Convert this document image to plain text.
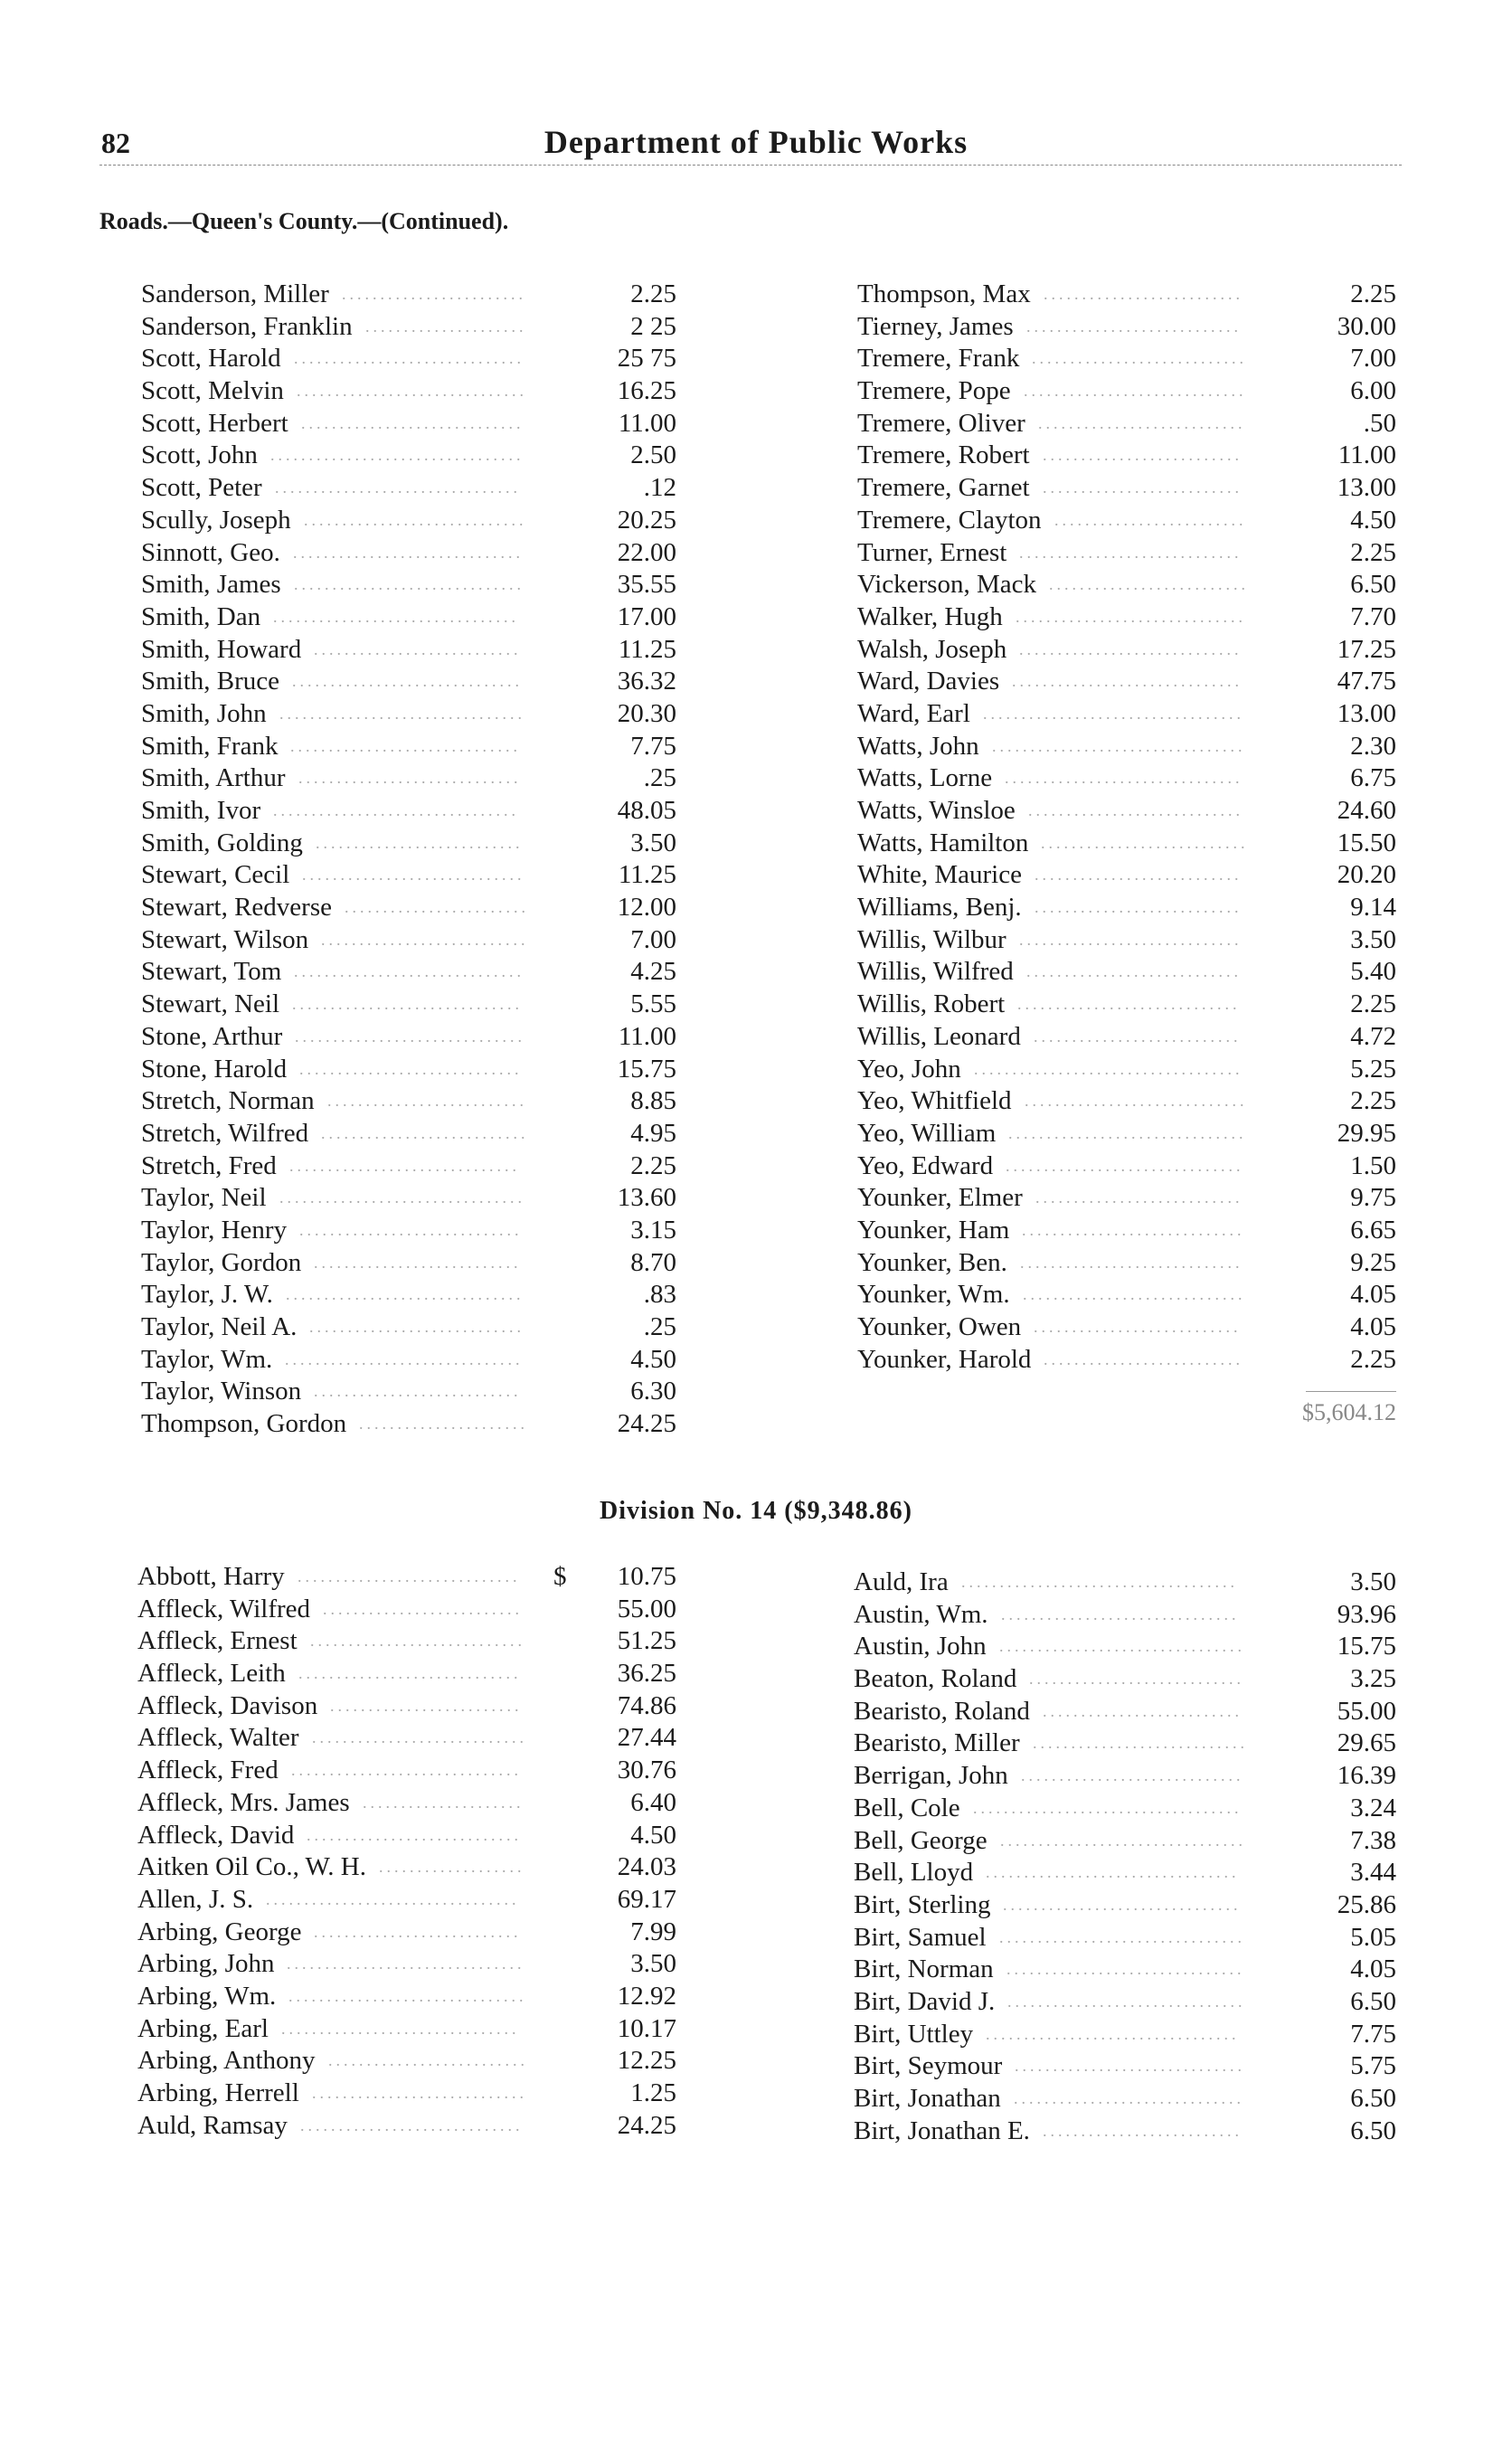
82	Department of Public Works
Roads.—Queen's County.—(Continued).
Sanderson, Miller ........................	2.25
Sanderson, Franklin .....................	2 25
Scott, Harold ..............................	25 75
Scott, Melvin ..............................	16.25
Scott, Herbert .............................	11.00
Scott, John .................................	2.50
Scott, Peter ................................	.12
Scully, Joseph .............................	20.25
Sinnott, Geo. ..............................	22.00
Smith, James ..............................	35.55
Smith, Dan ................................	17.00
Smith, Howard ...........................	11.25
Smith, Bruce ..............................	36.32
Smith, John ................................	20.30
Smith, Frank ..............................	7.75
Smith, Arthur .............................	.25
Smith, Ivor ................................	48.05
Smith, Golding ...........................	3.50
Stewart, Cecil .............................	11.25
Stewart, Redverse ........................	12.00
Stewart, Wilson ...........................	7.00
Stewart, Tom ..............................	4.25
Stewart, Neil ..............................	5.55
Stone, Arthur ..............................	11.00
Stone, Harold .............................	15.75
Stretch, Norman ..........................	8.85
Stretch, Wilfred ...........................	4.95
Stretch, Fred ..............................	2.25
Taylor, Neil ................................	13.60
Taylor, Henry .............................	3.15
Taylor, Gordon ...........................	8.70
Taylor, J. W. ...............................	.83
Taylor, Neil A. ............................	.25
Taylor, Wm. ...............................	4.50
Taylor, Winson ...........................	6.30
Thompson, Gordon ......................	24.25
Thompson, Max ..........................	2.25
Tierney, James ............................	30.00
Tremere, Frank ............................	7.00
Tremere, Pope .............................	6.00
Tremere, Oliver ...........................	.50
Tremere, Robert ..........................	11.00
Tremere, Garnet ..........................	13.00
Tremere, Clayton .........................	4.50
Turner, Ernest .............................	2.25
Vickerson, Mack ..........................	6.50
Walker, Hugh ..............................	7.70
Walsh, Joseph .............................	17.25
Ward, Davies ..............................	47.75
Ward, Earl ..................................	13.00
Watts, John .................................	2.30
Watts, Lorne ...............................	6.75
Watts, Winsloe ............................	24.60
Watts, Hamilton ...........................	15.50
White, Maurice ...........................	20.20
Williams, Benj. ...........................	9.14
Willis, Wilbur .............................	3.50
Willis, Wilfred ............................	5.40
Willis, Robert .............................	2.25
Willis, Leonard ...........................	4.72
Yeo, John ...................................	5.25
Yeo, Whitfield .............................	2.25
Yeo, William ...............................	29.95
Yeo, Edward ...............................	1.50
Younker, Elmer ...........................	9.75
Younker, Ham .............................	6.65
Younker, Ben. .............................	9.25
Younker, Wm. .............................	4.05
Younker, Owen ...........................	4.05
Younker, Harold ..........................	2.25
$5,604.12
Division No. 14 ($9,348.86)
$
Abbott, Harry .............................	10.75
Affleck, Wilfred ..........................	55.00
Affleck, Ernest ............................	51.25
Affleck, Leith .............................	36.25
Affleck, Davison .........................	74.86
Affleck, Walter ............................	27.44
Affleck, Fred ..............................	30.76
Affleck, Mrs. James .....................	6.40
Affleck, David ............................	4.50
Aitken Oil Co., W. H. ...................	24.03
Allen, J. S. .................................	69.17
Arbing, George ...........................	7.99
Arbing, John ...............................	3.50
Arbing, Wm. ...............................	12.92
Arbing, Earl ...............................	10.17
Arbing, Anthony ..........................	12.25
Arbing, Herrell ............................	1.25
Auld, Ramsay .............................	24.25
Auld, Ira ....................................	3.50
Austin, Wm. ...............................	93.96
Austin, John ................................	15.75
Beaton, Roland ............................	3.25
Bearisto, Roland ..........................	55.00
Bearisto, Miller ............................	29.65
Berrigan, John .............................	16.39
Bell, Cole ...................................	3.24
Bell, George ................................	7.38
Bell, Lloyd .................................	3.44
Birt, Sterling ...............................	25.86
Birt, Samuel ................................	5.05
Birt, Norman ...............................	4.05
Birt, David J. ...............................	6.50
Birt, Uttley .................................	7.75
Birt, Seymour ..............................	5.75
Birt, Jonathan ..............................	6.50
Birt, Jonathan E. ..........................	6.50
